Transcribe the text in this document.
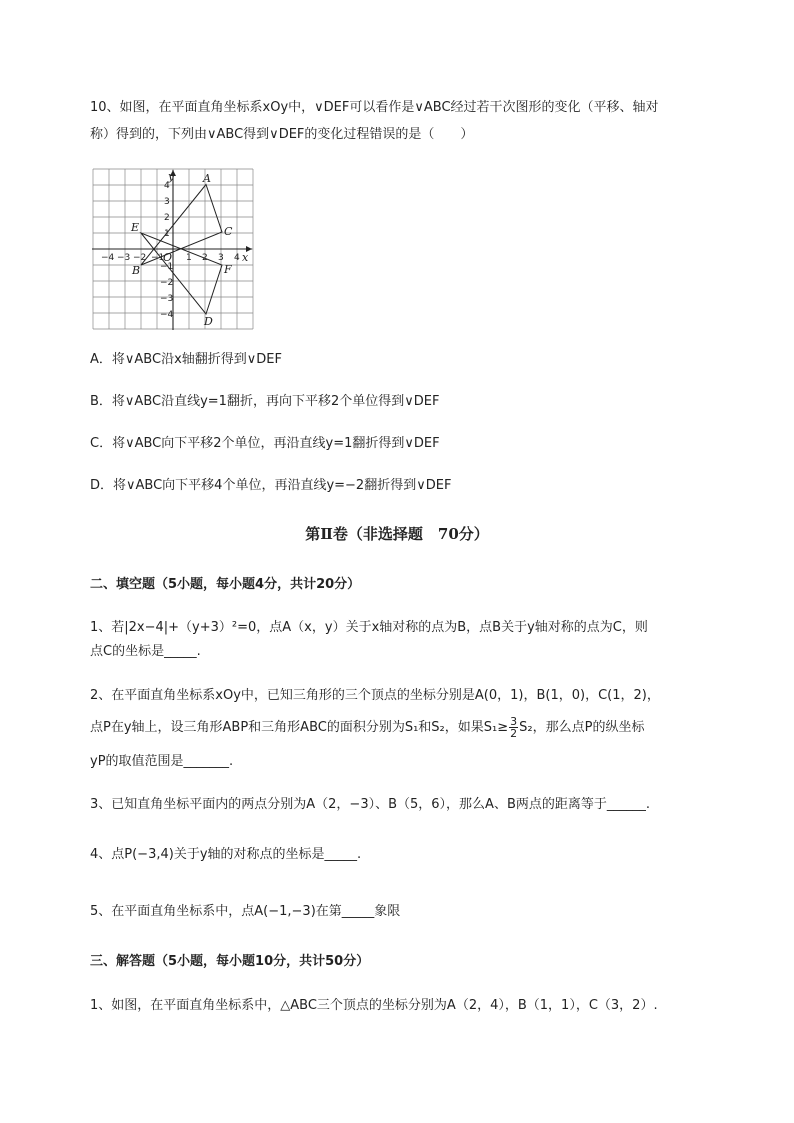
10、如图，在平面直角坐标系xOy中，∨DEF可以看作是∨ABC经过若干次图形的变化（平移、轴对
称）得到的，下列由∨ABC得到∨DEF的变化过程错误的是（　　）
y
x
O
A
B
C
D
E
F
−4 −3 −2 −1 1 2 3 4
4
3
2
1
−1
−2
−3
−4
A．将∨ABC沿x轴翻折得到∨DEF
B．将∨ABC沿直线y=1翻折，再向下平移2个单位得到∨DEF
C．将∨ABC向下平移2个单位，再沿直线y=1翻折得到∨DEF
D．将∨ABC向下平移4个单位，再沿直线y=−2翻折得到∨DEF
第Ⅱ卷（非选择题　70分）
二、填空题（5小题，每小题4分，共计20分）
1、若|2x−4|+（y+3）²=0，点A（x，y）关于x轴对称的点为B，点B关于y轴对称的点为C，则
点C的坐标是_____.
2、在平面直角坐标系xOy中，已知三角形的三个顶点的坐标分别是A(0，1)，B(1，0)，C(1，2)，
点P在y轴上，设三角形ABP和三角形ABC的面积分别为S₁和S₂，如果$S_1\ge \frac{3}{2} S_2$，那么点P的纵坐标
yP的取值范围是_______.
3、已知直角坐标平面内的两点分别为A（2，−3）、B（5，6），那么A、B两点的距离等于______.
4、点P(−3,4)关于y轴的对称点的坐标是_____.
5、在平面直角坐标系中，点A(−1,−3)在第_____象限
三、解答题（5小题，每小题10分，共计50分）
1、如图，在平面直角坐标系中，△ABC三个顶点的坐标分别为A（2，4），B（1，1），C（3，2）.
